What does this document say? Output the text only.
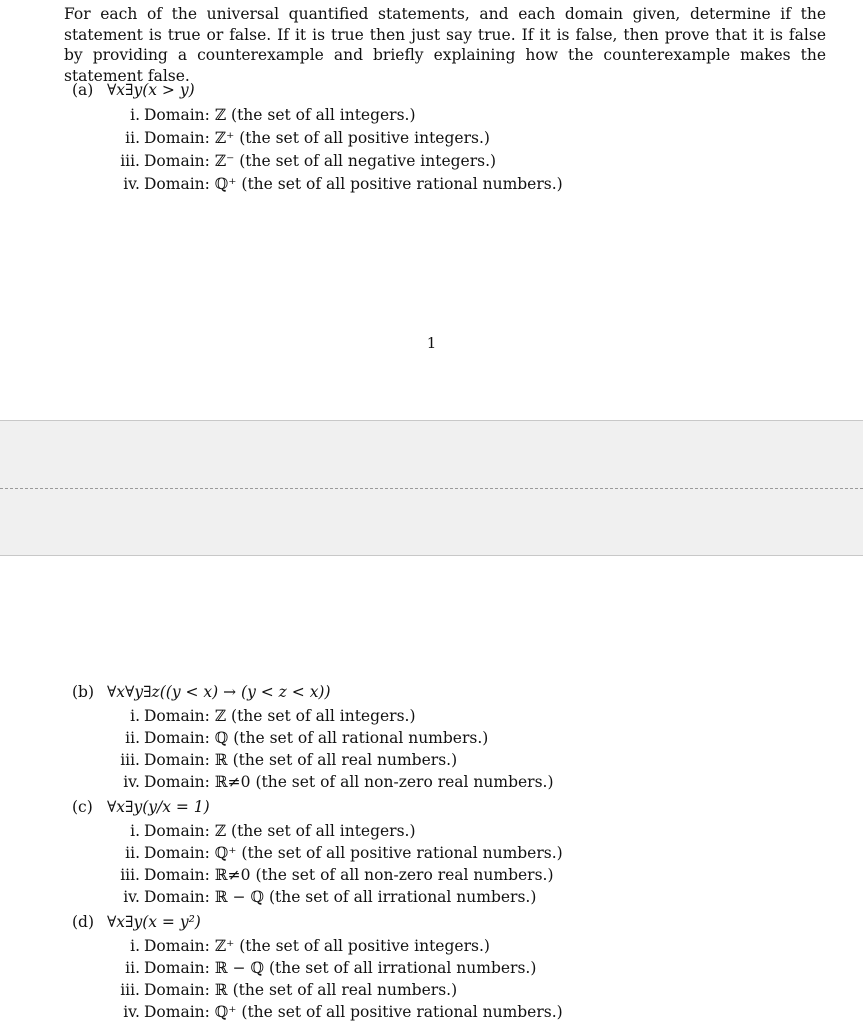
For each of the universal quantified statements, and each domain given, determine if the statement is true or false. If it is true then just say true. If it is false, then prove that it is false by providing a counterexample and briefly explaining how the counterexample makes the statement false.
(a) ∀x∃y(x > y)
i. Domain: ℤ (the set of all integers.)
ii. Domain: ℤ⁺ (the set of all positive integers.)
iii. Domain: ℤ⁻ (the set of all negative integers.)
iv. Domain: ℚ⁺ (the set of all positive rational numbers.)
1
(b) ∀x∀y∃z((y < x) → (y < z < x))
i. Domain: ℤ (the set of all integers.)
ii. Domain: ℚ (the set of all rational numbers.)
iii. Domain: ℝ (the set of all real numbers.)
iv. Domain: ℝ≠0 (the set of all non-zero real numbers.)
(c) ∀x∃y(y/x = 1)
i. Domain: ℤ (the set of all integers.)
ii. Domain: ℚ⁺ (the set of all positive rational numbers.)
iii. Domain: ℝ≠0 (the set of all non-zero real numbers.)
iv. Domain: ℝ − ℚ (the set of all irrational numbers.)
(d) ∀x∃y(x = y²)
i. Domain: ℤ⁺ (the set of all positive integers.)
ii. Domain: ℝ − ℚ (the set of all irrational numbers.)
iii. Domain: ℝ (the set of all real numbers.)
iv. Domain: ℚ⁺ (the set of all positive rational numbers.)
